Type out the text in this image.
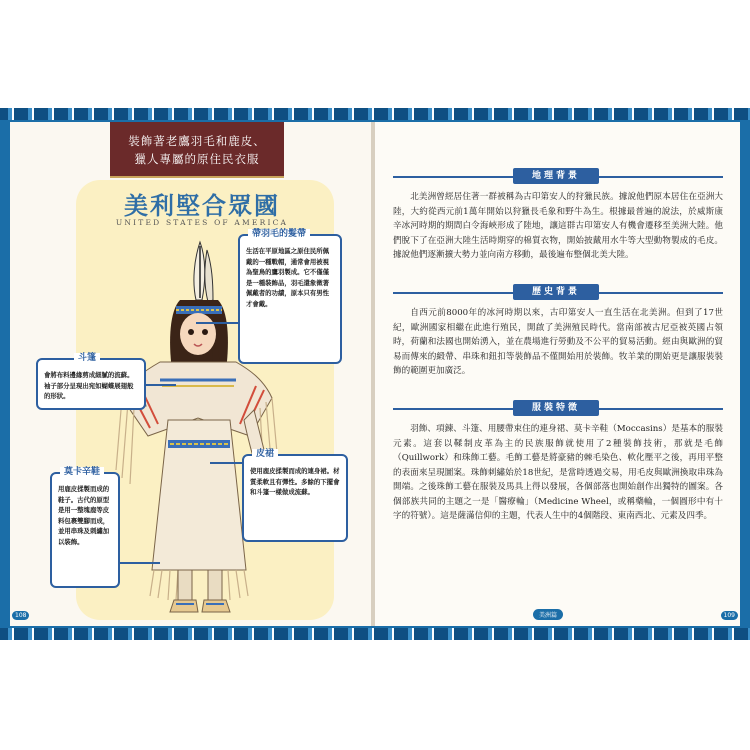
裝飾著老鷹羽毛和鹿皮、
獵人專屬的原住民衣服
美利堅合眾國
UNITED STATES OF AMERICA
帶羽毛的髮帶

生活在平原地區之原住民所佩戴的一種戰帽，通常會用被視為聖鳥的鷹羽製成。它不僅僅是一種裝飾品，羽毛還象徵著佩戴者的功績，原本只有男性才會戴。

斗篷

會將布料邊緣剪成細膩的流蘇。袖子部分呈現出宛如蝴蝶展翅般的形狀。

皮裙

使用鹿皮揉製而成的連身裙。材質柔軟且有彈性。多餘的下擺會和斗篷一樣做成流蘇。

莫卡辛鞋

用鹿皮揉製而成的鞋子。古代的原型是用一整塊鹿等皮料包裹雙腳而成，並用串珠及刺繡加以裝飾。

108
地理背景

北美洲曾經居住著一群被稱為古印第安人的狩獵民族。據說他們原本居住在亞洲大陸，大約從西元前1萬年開始以狩獵長毛象和野牛為生。根據最普遍的說法，於威斯康辛冰河時期的期間白令海峽形成了陸地，讓這群古印第安人有機會遷移至美洲大陸。他們脫下了在亞洲大陸生活時期穿的棉質衣物，開始披戴用水牛等大型動物製成的毛皮。據說他們逐漸擴大勢力並向南方移動，最後遍布整個北美大陸。

歷史背景

自西元前8000年的冰河時期以來，古印第安人一直生活在北美洲。但到了17世紀，歐洲國家相繼在此進行殖民，開啟了美洲殖民時代。當南部被古尼亞被英國占領時，荷蘭和法國也開始湧入，並在農場進行勞動及不公平的貿易活動。經由與歐洲的貿易而傳來的緞帶、串珠和鈕扣等裝飾品不僅開始用於裝飾。牧羊業的開始更是讓服裝裝飾的範圍更加廣泛。

服裝特徵

羽飾、項鍊、斗篷、用腰帶束住的連身裙、莫卡辛鞋（Moccasins）是基本的服裝元素。這套以鞣制皮革為主的民族服飾就使用了2種裝飾技術，那就是毛飾（Quillwork）和珠飾工藝。毛飾工藝是將豪豬的棘毛染色、軟化壓平之後，再用平整的表面來呈現圖案。珠飾刺繡始於18世紀，是當時透過交易，用毛皮與歐洲換取串珠為開端。之後珠飾工藝在服裝及馬具上得以發展，各個部落也開始創作出獨特的圖案。各個部族共同的主題之一是「醫療輪」（Medicine Wheel，或稱藥輪，一個圓形中有十字的符號）。這是薩滿信仰的主題，代表人生中的4個階段、東南西北、元素及四季。

美洲篇	109
